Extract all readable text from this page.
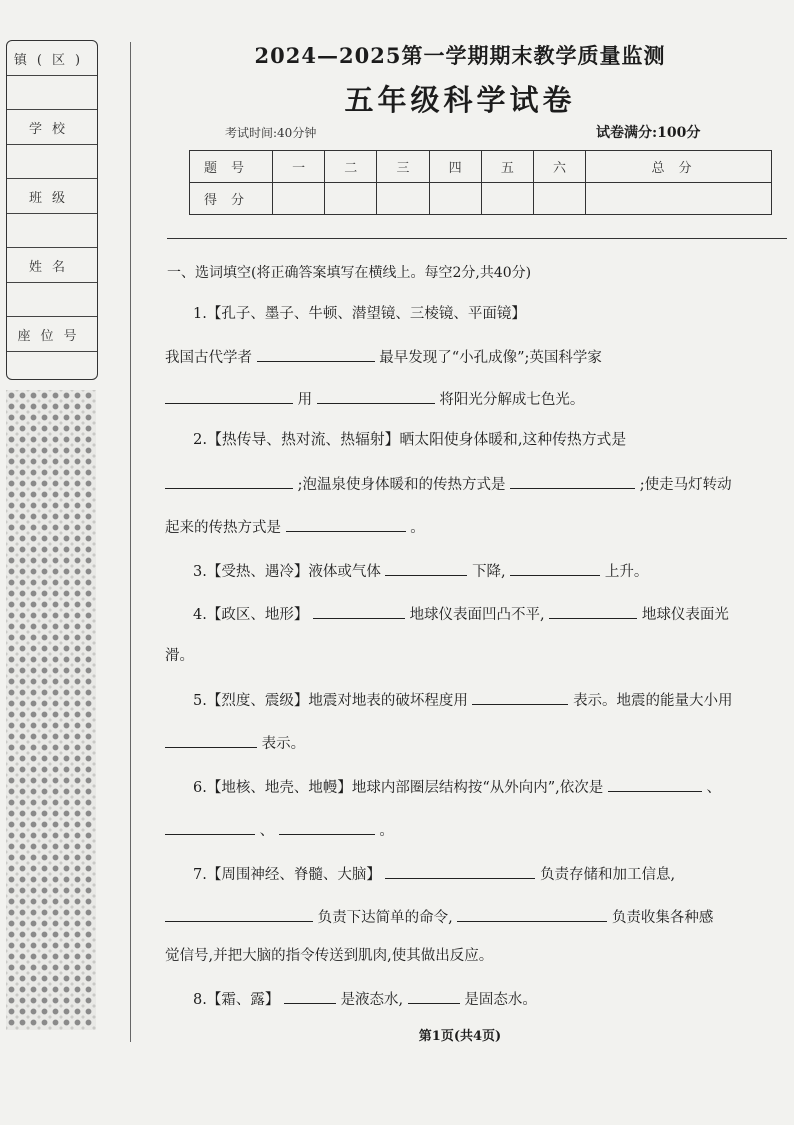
镇(区)
学校
班级
姓名
座位号
2024—2025第一学期期末教学质量监测
五年级科学试卷
考试时间:40分钟	试卷满分:100分
题号	一	二	三	四	五	六	总分
得分							
一、选词填空(将正确答案填写在横线上。每空2分,共40分)
1.【孔子、墨子、牛顿、潜望镜、三棱镜、平面镜】
我国古代学者	最早发现了“小孔成像”;英国科学家
用	将阳光分解成七色光。
2.【热传导、热对流、热辐射】晒太阳使身体暖和,这种传热方式是
;泡温泉使身体暖和的传热方式是	;使走马灯转动
起来的传热方式是	。
3.【受热、遇冷】液体或气体	下降,	上升。
4.【政区、地形】	地球仪表面凹凸不平,	地球仪表面光
滑。
5.【烈度、震级】地震对地表的破坏程度用	表示。地震的能量大小用
表示。
6.【地核、地壳、地幔】地球内部圈层结构按“从外向内”,依次是	、
、	。
7.【周围神经、脊髓、大脑】	负责存储和加工信息,
负责下达简单的命令,	负责收集各种感
觉信号,并把大脑的指令传送到肌肉,使其做出反应。
8.【霜、露】	是液态水,	是固态水。
第1页(共4页)
